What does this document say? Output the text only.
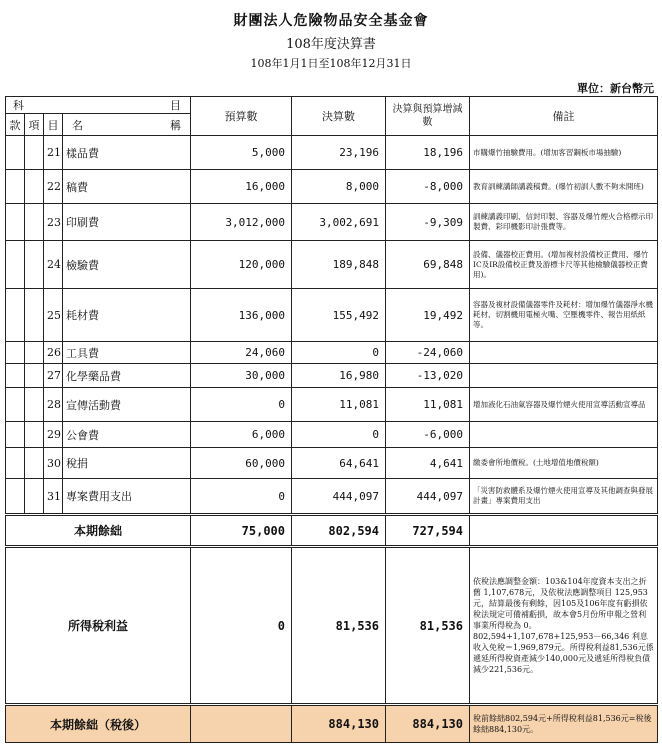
財團法人危險物品安全基金會
108年度決算書
108年1月1日至108年12月31日
單位：新台幣元
科 目				預算數	決算數	決算與預算增減數	備註
款	項	目	名 稱				

		21	樣品費	5,000	23,196	18,196	市購爆竹抽驗費用。(增加客習鋼板市場抽驗)
		22	稿費	16,000	8,000	-8,000	教育訓練講師講義稿費。(爆竹初訓人數不夠未開班)
		23	印刷費	3,012,000	3,002,691	-9,309	訓練講義印刷、信封印製、容器及爆竹煙火合格標示印製費、彩印機影印計張費等。
		24	檢驗費	120,000	189,848	69,848	設備、儀器校正費用。(增加複材設備校正費用、爆竹IC及IR設備校正費及游標卡尺等其他檢驗儀器校正費用)。
		25	耗材費	136,000	155,492	19,492	容器及複材設備儀器零件及耗材：增加爆竹儀器淨水機耗材、切割機用電極火嘴、空壓機零件、報告用紙紙等。
		26	工具費	24,060	0	-24,060	
		27	化學藥品費	30,000	16,980	-13,020	
		28	宣傳活動費	0	11,081	11,081	增加液化石油氣容器及爆竹煙火使用宣導活動宣導品
		29	公會費	6,000	0	-6,000	
		30	稅捐	60,000	64,641	4,641	繳委會所地價稅。(土地增值地價稅額)
		31	專案費用支出	0	444,097	444,097	「災害防救體系及爆竹煙火使用宣導及其他調查與發展計畫」專案費用支出
本期餘絀				75,000	802,594	727,594	
所得稅利益				0	81,536	81,536	依稅法應調整金額：103&104年度資本支出之折舊 1,107,678元，及依稅法應調整項目 125,953元，結算最後有剩餘，因105及106年度有虧損依稅法規定可備補虧損，故本會5月份所申報之營利事業所得稅為 0。802,594+1,107,678+125,953－66,346 利息收入免稅＝1,969,879元。所得稅利益81,536元係遞延所得稅資產減少140,000元及遞延所得稅負債減少221,536元。
本期餘絀（稅後）					884,130	884,130	稅前餘絀802,594元+所得稅利益81,536元=稅後餘絀884,130元。
